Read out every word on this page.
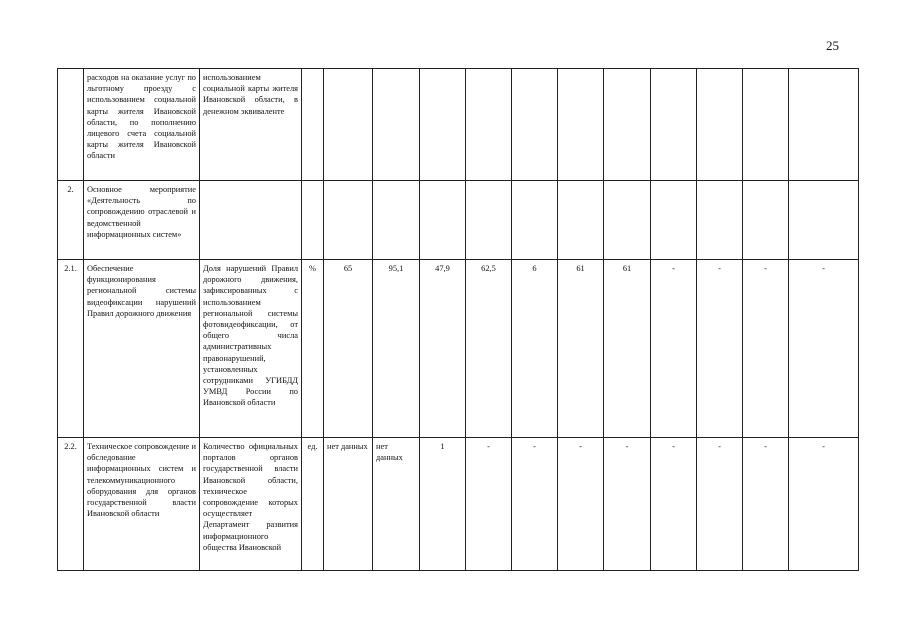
25
	расходов на оказание услуг по льготному проезду с использованием социальной карты жителя Ивановской области, по пополнению лицевого счета социальной карты жителя Ивановской области	использованием социальной карты жителя Ивановской области, в денежном эквиваленте												
2.	Основное мероприятие «Деятельность по сопровождению отраслевой и ведомственной информационных систем»													
2.1.	Обеспечение функционирования региональной системы видеофиксации нарушений Правил дорожного движения	Доля нарушений Правил дорожного движения, зафиксированных с использованием региональной системы фотовидеофиксации, от общего числа административных правонарушений, установленных сотрудниками УГИБДД УМВД России по Ивановской области	%	65	95,1	47,9	62,5	6	61	61	-	-	-	-
2.2.	Техническое сопровождение и обследование информационных систем и телекоммуникационного оборудования для органов государственной власти Ивановской области	Количество официальных порталов органов государственной власти Ивановской области, техническое сопровождение которых осуществляет Департамент развития информационного общества Ивановской	ед.	нет данных	нет данных	1	-	-	-	-	-	-	-	-
